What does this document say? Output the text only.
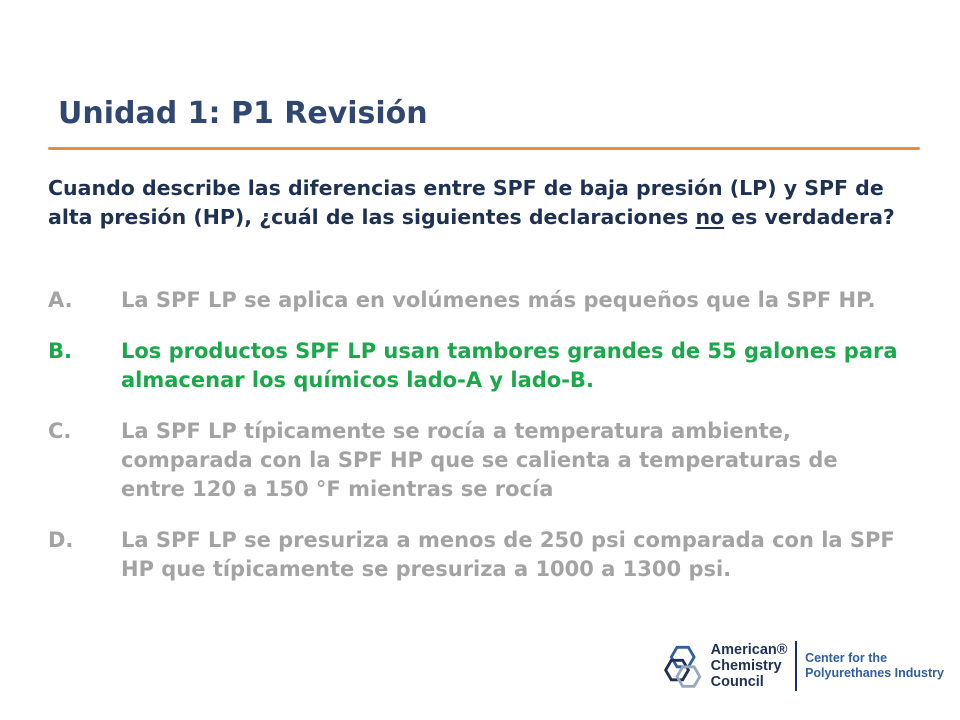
Unidad 1: P1 Revisión

Cuando describe las diferencias entre SPF de baja presión (LP) y SPF de alta presión (HP), ¿cuál de las siguientes declaraciones no es verdadera?

A.	La SPF LP se aplica en volúmenes más pequeños que la SPF HP.
B.	Los productos SPF LP usan tambores grandes de 55 galones para almacenar los químicos lado-A y lado-B.
C.	La SPF LP típicamente se rocía a temperatura ambiente, comparada con la SPF HP que se calienta a temperaturas de entre 120 a 150 °F mientras se rocía
D.	La SPF LP se presuriza a menos de 250 psi comparada con la SPF HP que típicamente se presuriza a 1000 a 1300 psi.
American®
Chemistry
Council
Center for the
Polyurethanes Industry
